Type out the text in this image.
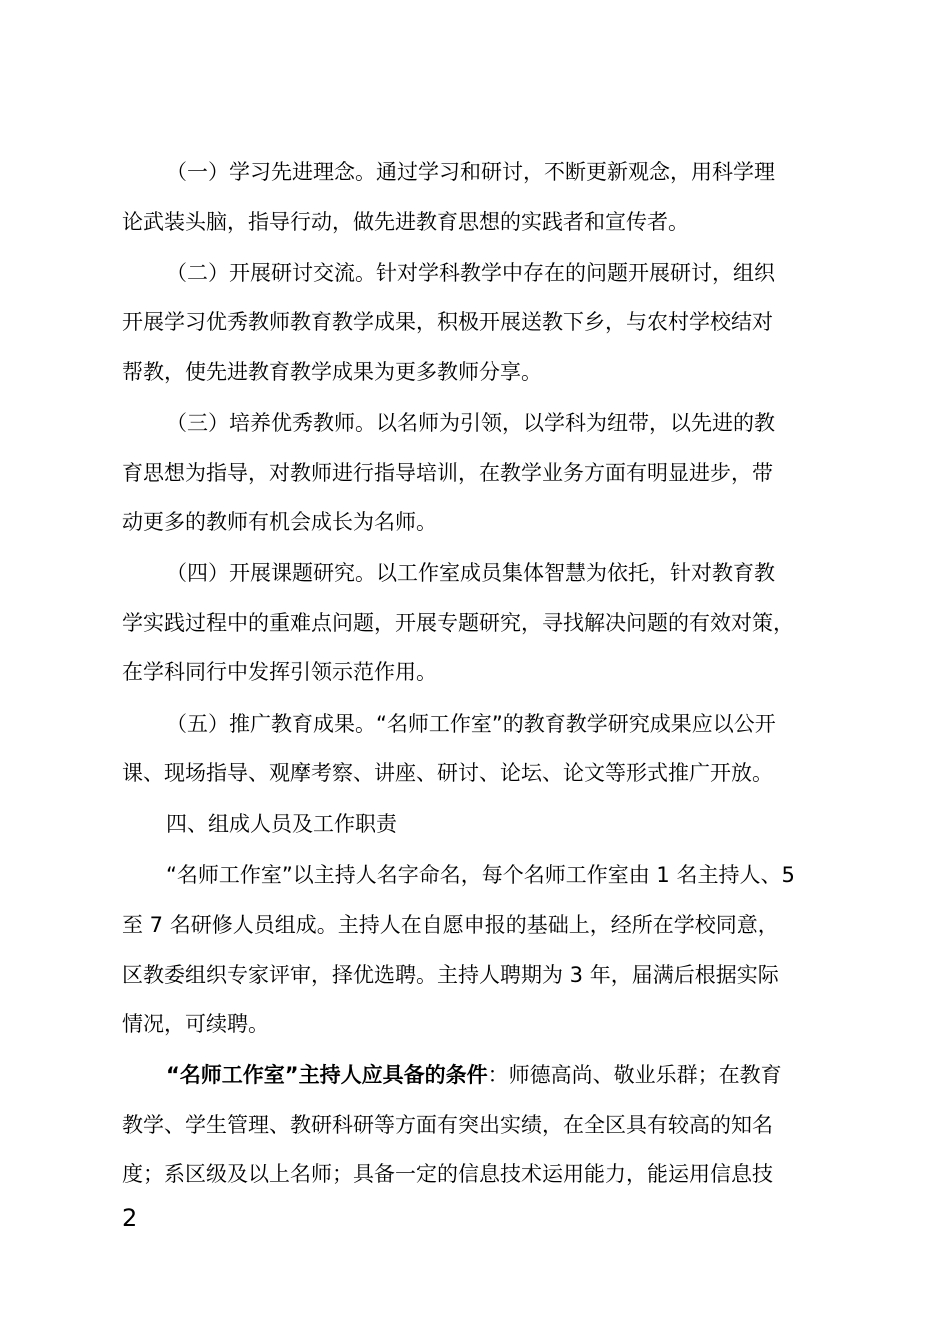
（一）学习先进理念。通过学习和研讨，不断更新观念，用科学理
论武装头脑，指导行动，做先进教育思想的实践者和宣传者。
（二）开展研讨交流。针对学科教学中存在的问题开展研讨，组织
开展学习优秀教师教育教学成果，积极开展送教下乡，与农村学校结对
帮教，使先进教育教学成果为更多教师分享。
（三）培养优秀教师。以名师为引领，以学科为纽带，以先进的教
育思想为指导，对教师进行指导培训，在教学业务方面有明显进步，带
动更多的教师有机会成长为名师。
（四）开展课题研究。以工作室成员集体智慧为依托，针对教育教
学实践过程中的重难点问题，开展专题研究，寻找解决问题的有效对策，
在学科同行中发挥引领示范作用。
（五）推广教育成果。“名师工作室”的教育教学研究成果应以公开
课、现场指导、观摩考察、讲座、研讨、论坛、论文等形式推广开放。
四、组成人员及工作职责
“名师工作室”以主持人名字命名，每个名师工作室由 1 名主持人、5
至 7 名研修人员组成。主持人在自愿申报的基础上，经所在学校同意，
区教委组织专家评审，择优选聘。主持人聘期为 3 年，届满后根据实际
情况，可续聘。
“名师工作室”主持人应具备的条件：师德高尚、敬业乐群；在教育
教学、学生管理、教研科研等方面有突出实绩，在全区具有较高的知名
度；系区级及以上名师；具备一定的信息技术运用能力，能运用信息技
2
